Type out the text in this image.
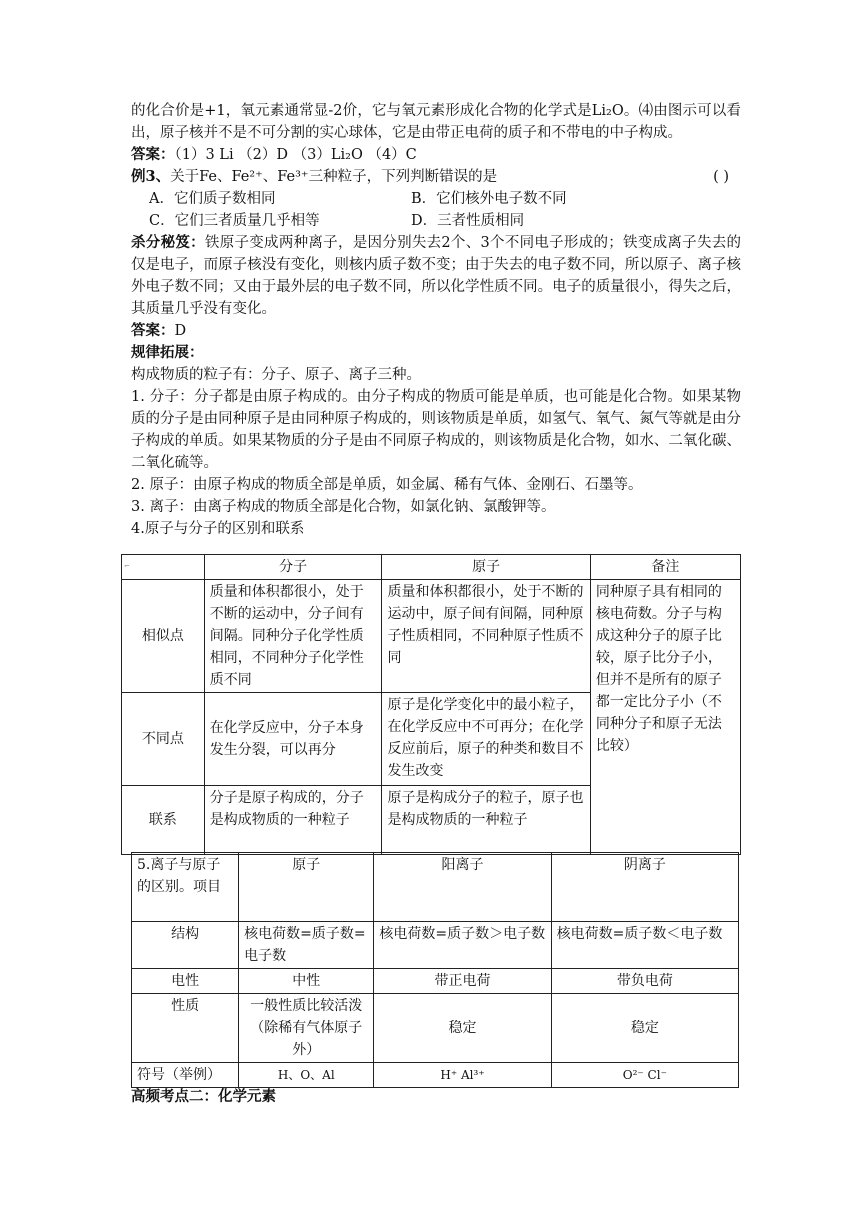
的化合价是+1，氧元素通常显-2价，它与氧元素形成化合物的化学式是Li₂O。⑷由图示可以看出，原子核并不是不可分割的实心球体，它是由带正电荷的质子和不带电的中子构成。

答案：（1）3 Li （2）D （3）Li₂O （4）C

例3、关于Fe、Fe²⁺、Fe³⁺三种粒子，下列判断错误的是	( )
A．它们质子数相同	B．它们核外电子数不同
C．它们三者质量几乎相等	D．三者性质相同

杀分秘笈：铁原子变成两种离子，是因分别失去2个、3个不同电子形成的；铁变成离子失去的仅是电子，而原子核没有变化，则核内质子数不变；由于失去的电子数不同，所以原子、离子核外电子数不同；又由于最外层的电子数不同，所以化学性质不同。电子的质量很小，得失之后，其质量几乎没有变化。

答案：D

规律拓展：

构成物质的粒子有：分子、原子、离子三种。

1. 分子：分子都是由原子构成的。由分子构成的物质可能是单质，也可能是化合物。如果某物质的分子是由同种原子是由同种原子构成的，则该物质是单质，如氢气、氧气、氮气等就是由分子构成的单质。如果某物质的分子是由不同原子构成的，则该物质是化合物，如水、二氧化碳、二氧化硫等。

2. 原子：由原子构成的物质全部是单质，如金属、稀有气体、金刚石、石墨等。

3. 离子：由离子构成的物质全部是化合物，如氯化钠、氯酸钾等。

4.原子与分子的区别和联系

⌐	分子	原子	备注
相似点	质量和体积都很小，处于不断的运动中，分子间有间隔。同种分子化学性质相同，不同种分子化学性质不同	质量和体积都很小，处于不断的运动中，原子间有间隔，同种原子性质相同，不同种原子性质不同	同种原子具有相同的核电荷数。分子与构成这种分子的原子比较，原子比分子小，但并不是所有的原子都一定比分子小（不同种分子和原子无法比较）
不同点	在化学反应中，分子本身发生分裂，可以再分	原子是化学变化中的最小粒子，在化学反应中不可再分；在化学反应前后，原子的种类和数目不发生改变	
联系	分子是原子构成的，分子是构成物质的一种粒子	原子是构成分子的粒子，原子也是构成物质的一种粒子	
5.离子与原子的区别。项目	原子	阳离子	阴离子
结构	核电荷数=质子数=电子数	核电荷数=质子数＞电子数	核电荷数=质子数＜电子数
电性	中性	带正电荷	带负电荷
性质	一般性质比较活泼（除稀有气体原子外）	稳定	稳定
符号（举例）	H、O、Al	H⁺ Al³⁺	O²⁻ Cl⁻
高频考点二：化学元素
